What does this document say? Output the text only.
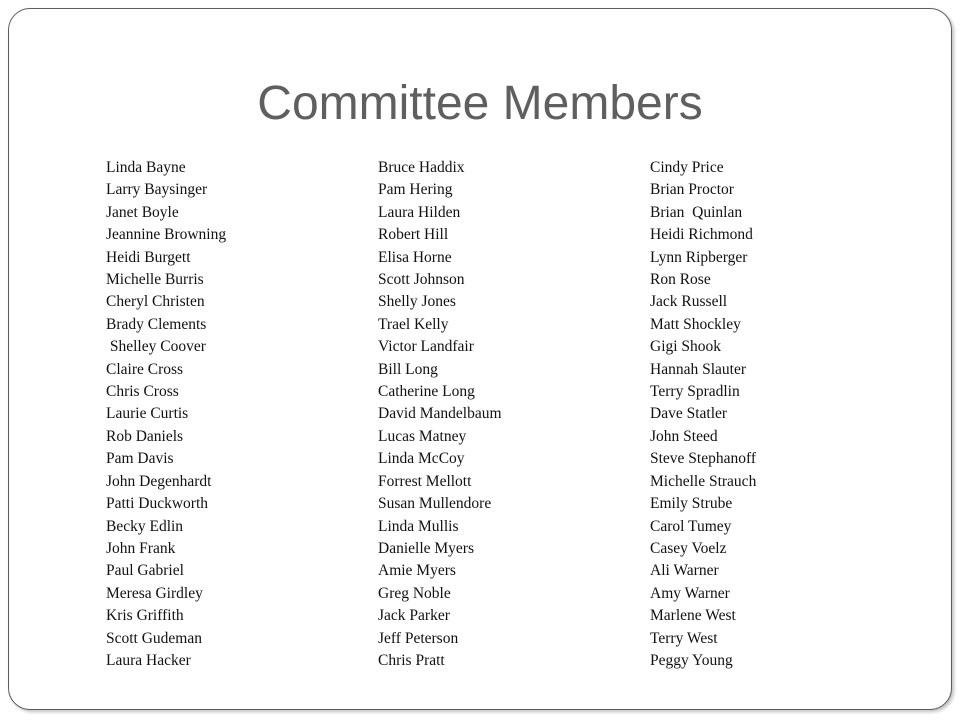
Committee Members
Linda Bayne
Larry Baysinger
Janet Boyle
Jeannine Browning
Heidi Burgett
Michelle Burris
Cheryl Christen
Brady Clements
Shelley Coover
Claire Cross
Chris Cross
Laurie Curtis
Rob Daniels
Pam Davis
John Degenhardt
Patti Duckworth
Becky Edlin
John Frank
Paul Gabriel
Meresa Girdley
Kris Griffith
Scott Gudeman
Laura Hacker
Bruce Haddix
Pam Hering
Laura Hilden
Robert Hill
Elisa Horne
Scott Johnson
Shelly Jones
Trael Kelly
Victor Landfair
Bill Long
Catherine Long
David Mandelbaum
Lucas Matney
Linda McCoy
Forrest Mellott
Susan Mullendore
Linda Mullis
Danielle Myers
Amie Myers
Greg Noble
Jack Parker
Jeff Peterson
Chris Pratt
Cindy Price
Brian Proctor
Brian  Quinlan
Heidi Richmond
Lynn Ripberger
Ron Rose
Jack Russell
Matt Shockley
Gigi Shook
Hannah Slauter
Terry Spradlin
Dave Statler
John Steed
Steve Stephanoff
Michelle Strauch
Emily Strube
Carol Tumey
Casey Voelz
Ali Warner
Amy Warner
Marlene West
Terry West
Peggy Young
